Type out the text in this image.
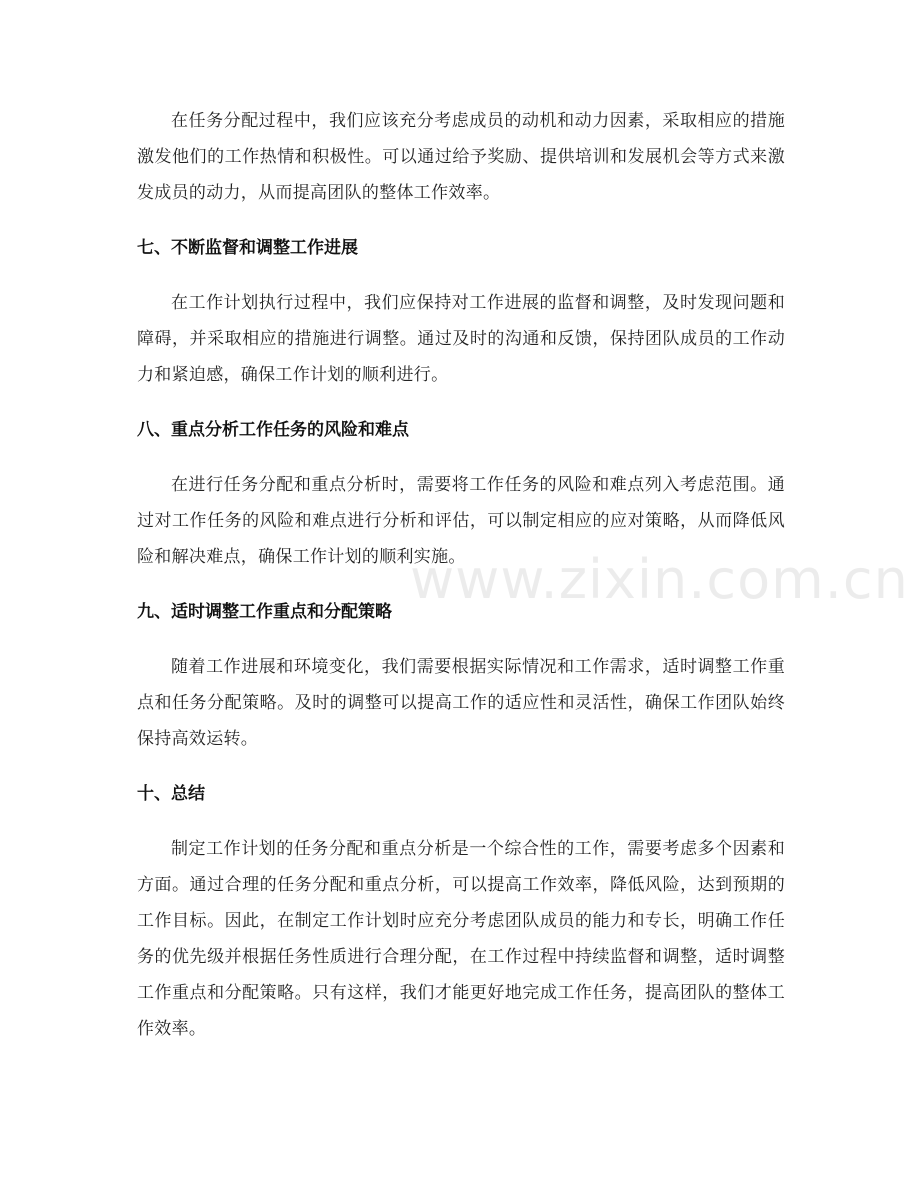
在任务分配过程中，我们应该充分考虑成员的动机和动力因素，采取相应的措施激发他们的工作热情和积极性。可以通过给予奖励、提供培训和发展机会等方式来激发成员的动力，从而提高团队的整体工作效率。

七、不断监督和调整工作进展

在工作计划执行过程中，我们应保持对工作进展的监督和调整，及时发现问题和障碍，并采取相应的措施进行调整。通过及时的沟通和反馈，保持团队成员的工作动力和紧迫感，确保工作计划的顺利进行。

八、重点分析工作任务的风险和难点

在进行任务分配和重点分析时，需要将工作任务的风险和难点列入考虑范围。通过对工作任务的风险和难点进行分析和评估，可以制定相应的应对策略，从而降低风险和解决难点，确保工作计划的顺利实施。

九、适时调整工作重点和分配策略

随着工作进展和环境变化，我们需要根据实际情况和工作需求，适时调整工作重点和任务分配策略。及时的调整可以提高工作的适应性和灵活性，确保工作团队始终保持高效运转。

十、总结

制定工作计划的任务分配和重点分析是一个综合性的工作，需要考虑多个因素和方面。通过合理的任务分配和重点分析，可以提高工作效率，降低风险，达到预期的工作目标。因此，在制定工作计划时应充分考虑团队成员的能力和专长，明确工作任务的优先级并根据任务性质进行合理分配，在工作过程中持续监督和调整，适时调整工作重点和分配策略。只有这样，我们才能更好地完成工作任务，提高团队的整体工作效率。

www.zixin.com.cn
